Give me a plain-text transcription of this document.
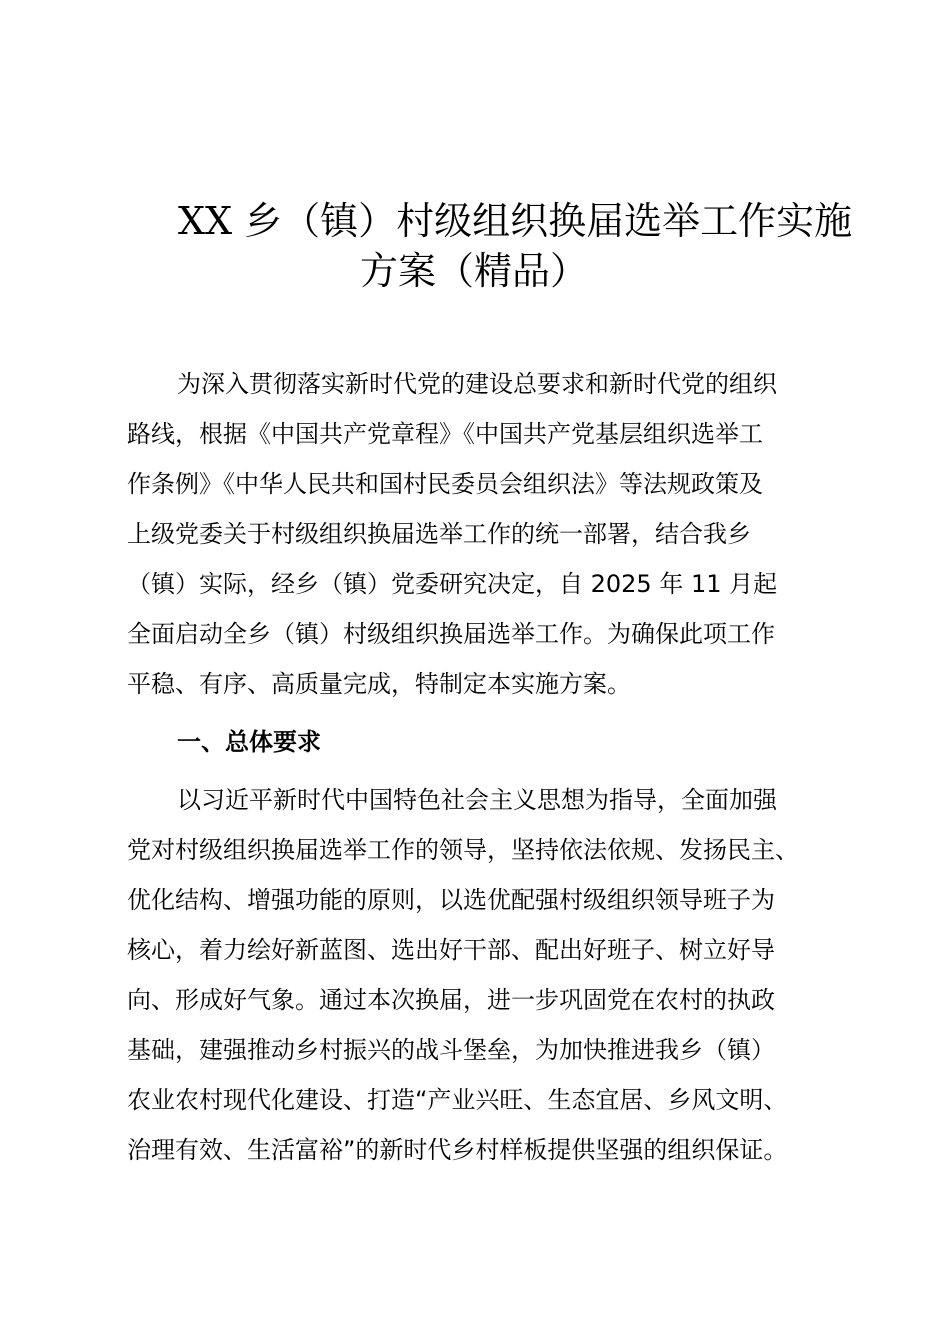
XX 乡（镇）村级组织换届选举工作实施
方案（精品）
为深入贯彻落实新时代党的建设总要求和新时代党的组织
路线，根据《中国共产党章程》《中国共产党基层组织选举工
作条例》《中华人民共和国村民委员会组织法》等法规政策及
上级党委关于村级组织换届选举工作的统一部署，结合我乡
（镇）实际，经乡（镇）党委研究决定，自 2025 年 11 月起
全面启动全乡（镇）村级组织换届选举工作。为确保此项工作
平稳、有序、高质量完成，特制定本实施方案。
一、总体要求
以习近平新时代中国特色社会主义思想为指导，全面加强
党对村级组织换届选举工作的领导，坚持依法依规、发扬民主、
优化结构、增强功能的原则，以选优配强村级组织领导班子为
核心，着力绘好新蓝图、选出好干部、配出好班子、树立好导
向、形成好气象。通过本次换届，进一步巩固党在农村的执政
基础，建强推动乡村振兴的战斗堡垒，为加快推进我乡（镇）
农业农村现代化建设、打造“产业兴旺、生态宜居、乡风文明、
治理有效、生活富裕”的新时代乡村样板提供坚强的组织保证。
